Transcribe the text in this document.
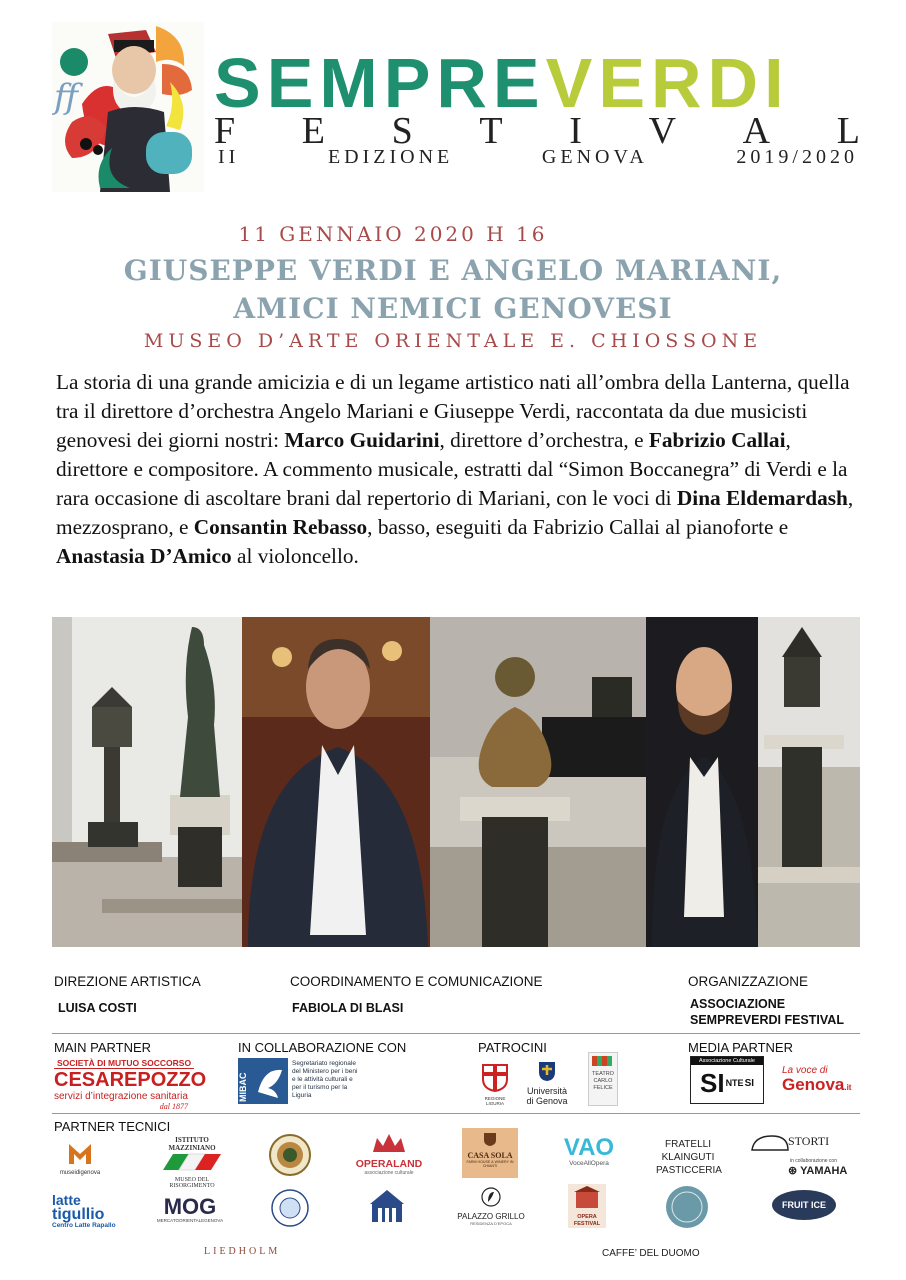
ff SEMPREVERDI
F E S T I V A L
II	EDIZIONE	GENOVA	2019/2020
11 GENNAIO 2020 H 16
GIUSEPPE VERDI E ANGELO MARIANI,
AMICI NEMICI GENOVESI
MUSEO D’ARTE ORIENTALE E. CHIOSSONE
La storia di una grande amicizia e di un legame artistico nati all’ombra della Lanterna, quella tra il direttore d’orchestra Angelo Mariani e Giuseppe Verdi, raccontata da due musicisti genovesi dei giorni nostri: Marco Guidarini, direttore d’orchestra, e Fabrizio Callai, direttore e compositore. A commento musicale, estratti dal “Simon Boccanegra” di Verdi e la rara occasione di ascoltare brani dal repertorio di Mariani, con le voci di Dina Eldemardash, mezzosprano, e Consantin Rebasso, basso, eseguiti da Fabrizio Callai al pianoforte e Anastasia D’Amico al violoncello.
DIREZIONE ARTISTICA
LUISA COSTI
COORDINAMENTO E COMUNICAZIONE
FABIOLA DI BLASI
ORGANIZZAZIONE
ASSOCIAZIONE
SEMPREVERDI FESTIVAL
MAIN PARTNER
SOCIETÀ DI MUTUO SOCCORSO
CESAREPOZZO
servizi d’integrazione sanitaria
dal 1877
IN COLLABORAZIONE CON
MIBAC
Segretariato regionale del Ministero per i beni e le attività culturali e per il turismo per la Liguria
PATROCINI
REGIONE LIGURIA
Università
di Genova
TEATRO CARLO FELICE
MEDIA PARTNER
Associazione Culturale
SI NTE SI
La voce di
Genova.it
PARTNER TECNICI
museidigenova
ISTITUTO MAZZINIANO
MUSEO DEL RISORGIMENTO
OPERALAND
associazione culturale
CASA SOLA
FARM HOUSE & WINERY IN CHIANTI
VAO
VoceAllOpera
FRATELLI
KLAINGUTI
PASTICCERIA
STORTI
in collaborazione con
⊛ YAMAHA
latte
tigullio
Centro Latte Rapallo
MOG
MERCATOORIENTALEGENOVA	PALAZZO GRILLO
RESIDENZA D’EPOCA
OPERA FESTIVAL
FRUIT ICE
LIEDHOLM	CAFFE’ DEL DUOMO
